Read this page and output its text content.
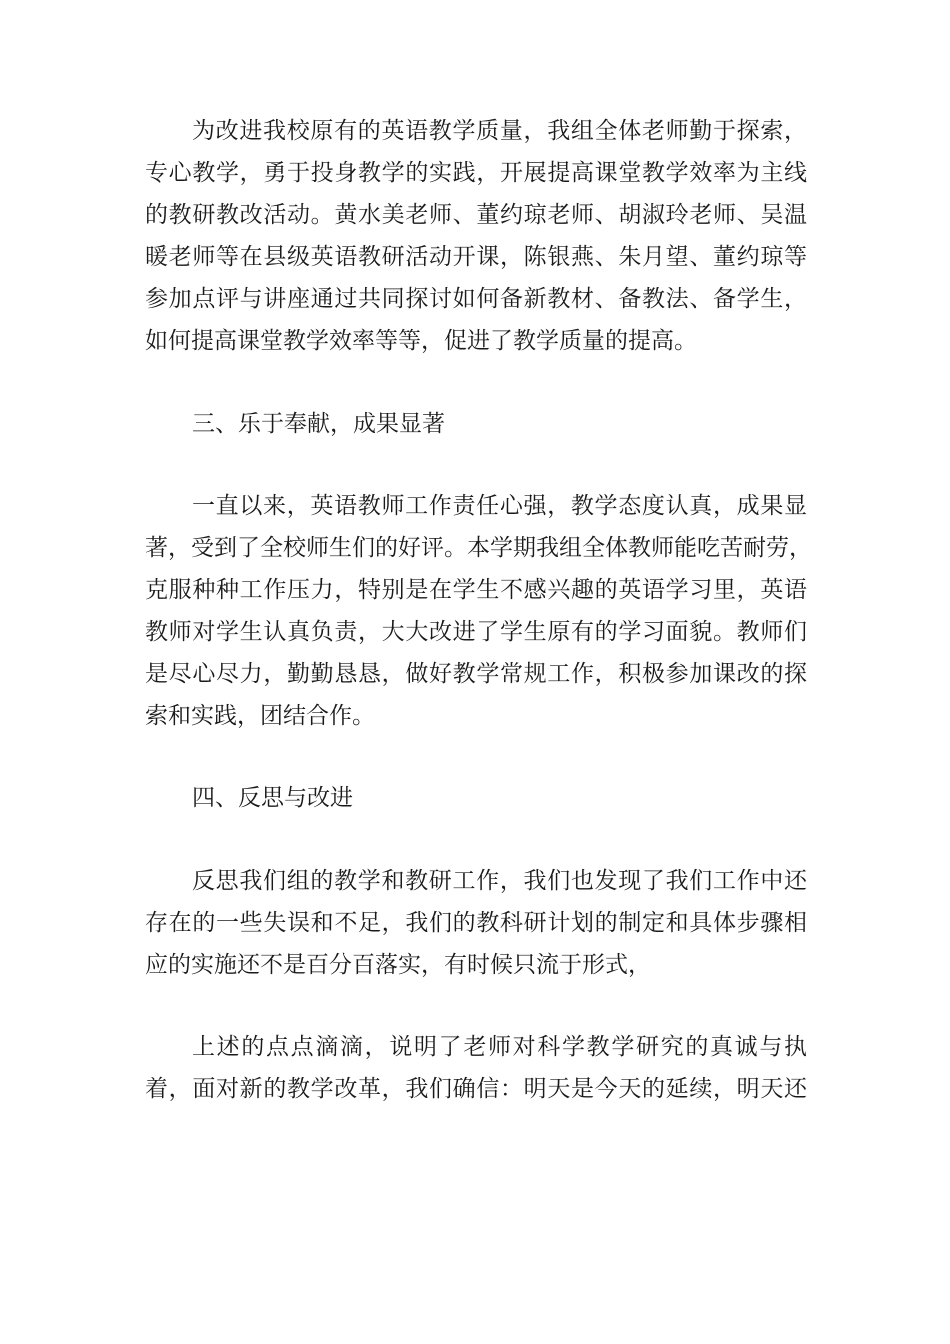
为改进我校原有的英语教学质量，我组全体老师勤于探索，
专心教学，勇于投身教学的实践，开展提高课堂教学效率为主线
的教研教改活动。黄水美老师、董约琼老师、胡淑玲老师、吴温
暖老师等在县级英语教研活动开课，陈银燕、朱月望、董约琼等
参加点评与讲座通过共同探讨如何备新教材、备教法、备学生，
如何提高课堂教学效率等等，促进了教学质量的提高。
三、乐于奉献，成果显著
一直以来，英语教师工作责任心强，教学态度认真，成果显
著，受到了全校师生们的好评。本学期我组全体教师能吃苦耐劳，
克服种种工作压力，特别是在学生不感兴趣的英语学习里，英语
教师对学生认真负责，大大改进了学生原有的学习面貌。教师们
是尽心尽力，勤勤恳恳，做好教学常规工作，积极参加课改的探
索和实践，团结合作。
四、反思与改进
反思我们组的教学和教研工作，我们也发现了我们工作中还
存在的一些失误和不足，我们的教科研计划的制定和具体步骤相
应的实施还不是百分百落实，有时候只流于形式，
上述的点点滴滴，说明了老师对科学教学研究的真诚与执
着，面对新的教学改革，我们确信：明天是今天的延续，明天还
